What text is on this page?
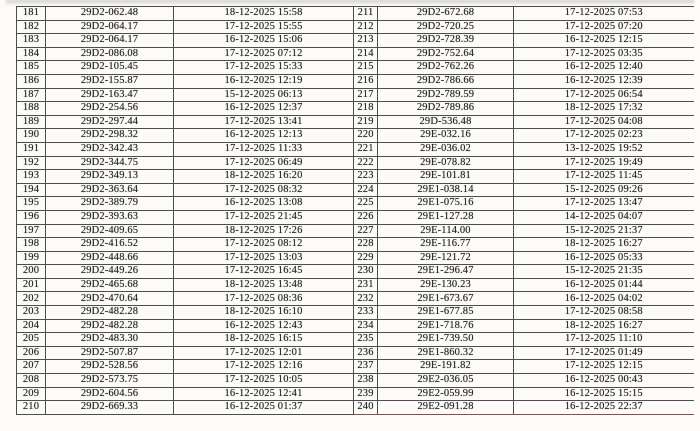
181	29D2-062.48	18-12-2025 15:58	211	29D2-672.68	17-12-2025 07:53
182	29D2-064.17	17-12-2025 15:55	212	29D2-720.25	17-12-2025 07:20
183	29D2-064.17	16-12-2025 15:06	213	29D2-728.39	16-12-2025 12:15
184	29D2-086.08	17-12-2025 07:12	214	29D2-752.64	17-12-2025 03:35
185	29D2-105.45	17-12-2025 15:33	215	29D2-762.26	16-12-2025 12:40
186	29D2-155.87	16-12-2025 12:19	216	29D2-786.66	16-12-2025 12:39
187	29D2-163.47	15-12-2025 06:13	217	29D2-789.59	17-12-2025 06:54
188	29D2-254.56	16-12-2025 12:37	218	29D2-789.86	18-12-2025 17:32
189	29D2-297.44	17-12-2025 13:41	219	29D-536.48	17-12-2025 04:08
190	29D2-298.32	16-12-2025 12:13	220	29E-032.16	17-12-2025 02:23
191	29D2-342.43	17-12-2025 11:33	221	29E-036.02	13-12-2025 19:52
192	29D2-344.75	17-12-2025 06:49	222	29E-078.82	17-12-2025 19:49
193	29D2-349.13	18-12-2025 16:20	223	29E-101.81	17-12-2025 11:45
194	29D2-363.64	17-12-2025 08:32	224	29E1-038.14	15-12-2025 09:26
195	29D2-389.79	16-12-2025 13:08	225	29E1-075.16	17-12-2025 13:47
196	29D2-393.63	17-12-2025 21:45	226	29E1-127.28	14-12-2025 04:07
197	29D2-409.65	18-12-2025 17:26	227	29E-114.00	15-12-2025 21:37
198	29D2-416.52	17-12-2025 08:12	228	29E-116.77	18-12-2025 16:27
199	29D2-448.66	17-12-2025 13:03	229	29E-121.72	16-12-2025 05:33
200	29D2-449.26	17-12-2025 16:45	230	29E1-296.47	15-12-2025 21:35
201	29D2-465.68	18-12-2025 13:48	231	29E-130.23	16-12-2025 01:44
202	29D2-470.64	17-12-2025 08:36	232	29E1-673.67	16-12-2025 04:02
203	29D2-482.28	18-12-2025 16:10	233	29E1-677.85	17-12-2025 08:58
204	29D2-482.28	16-12-2025 12:43	234	29E1-718.76	18-12-2025 16:27
205	29D2-483.30	18-12-2025 16:15	235	29E1-739.50	17-12-2025 11:10
206	29D2-507.87	17-12-2025 12:01	236	29E1-860.32	17-12-2025 01:49
207	29D2-528.56	17-12-2025 12:16	237	29E-191.82	17-12-2025 12:15
208	29D2-573.75	17-12-2025 10:05	238	29E2-036.05	16-12-2025 00:43
209	29D2-604.56	16-12-2025 12:41	239	29E2-059.99	16-12-2025 15:15
210	29D2-669.33	16-12-2025 01:37	240	29E2-091.28	16-12-2025 22:37
